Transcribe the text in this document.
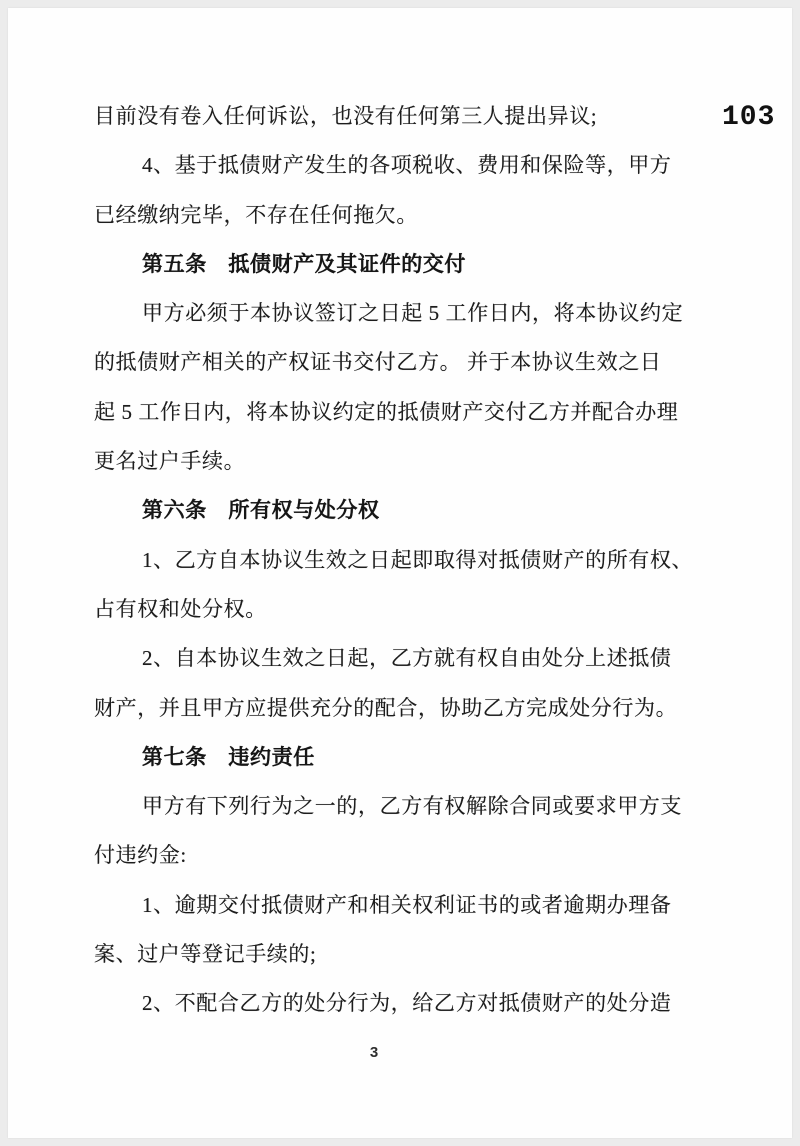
103
目前没有卷入任何诉讼，也没有任何第三人提出异议;
4、基于抵债财产发生的各项税收、费用和保险等，甲方
已经缴纳完毕，不存在任何拖欠。
第五条　抵债财产及其证件的交付
甲方必须于本协议签订之日起 5 工作日内，将本协议约定
的抵债财产相关的产权证书交付乙方。 并于本协议生效之日
起 5 工作日内，将本协议约定的抵债财产交付乙方并配合办理
更名过户手续。
第六条　所有权与处分权
1、乙方自本协议生效之日起即取得对抵债财产的所有权、
占有权和处分权。
2、自本协议生效之日起，乙方就有权自由处分上述抵债
财产，并且甲方应提供充分的配合，协助乙方完成处分行为。
第七条　违约责任
甲方有下列行为之一的，乙方有权解除合同或要求甲方支
付违约金:
1、逾期交付抵债财产和相关权利证书的或者逾期办理备
案、过户等登记手续的;
2、不配合乙方的处分行为，给乙方对抵债财产的处分造
3
